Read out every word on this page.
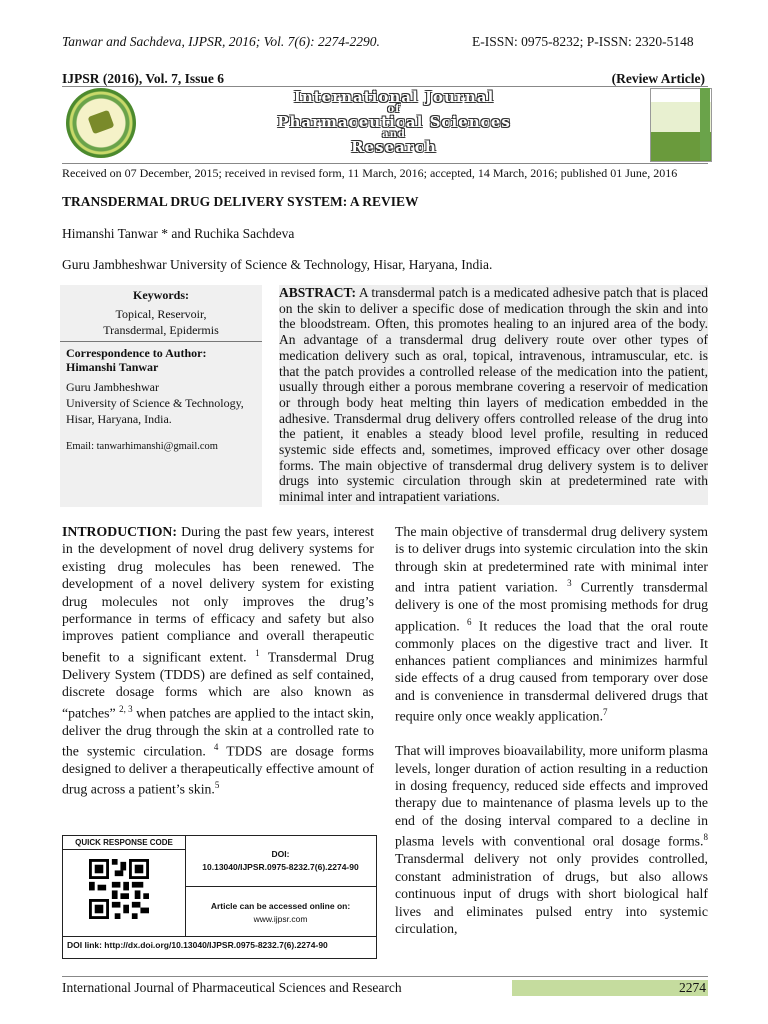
Tanwar and Sachdeva, IJPSR, 2016; Vol. 7(6): 2274-2290.	E-ISSN: 0975-8232; P-ISSN: 2320-5148
IJPSR (2016), Vol. 7, Issue 6	(Review Article)
International Journal
of
Pharmaceutical Sciences
and
Research
Received on 07 December, 2015; received in revised form, 11 March, 2016; accepted, 14 March, 2016; published 01 June, 2016
TRANSDERMAL DRUG DELIVERY SYSTEM: A REVIEW
Himanshi Tanwar * and Ruchika Sachdeva
Guru Jambheshwar University of Science & Technology, Hisar, Haryana, India.
Keywords:
Topical, Reservoir,
Transdermal, Epidermis
Correspondence to Author:
Himanshi Tanwar
Guru Jambheshwar
University of Science & Technology,
Hisar, Haryana, India.
Email: tanwarhimanshi@gmail.com
ABSTRACT: A transdermal patch is a medicated adhesive patch that is placed on the skin to deliver a specific dose of medication through the skin and into the bloodstream. Often, this promotes healing to an injured area of the body. An advantage of a transdermal drug delivery route over other types of medication delivery such as oral, topical, intravenous, intramuscular, etc. is that the patch provides a controlled release of the medication into the patient, usually through either a porous membrane covering a reservoir of medication or through body heat melting thin layers of medication embedded in the adhesive. Transdermal drug delivery offers controlled release of the drug into the patient, it enables a steady blood level profile, resulting in reduced systemic side effects and, sometimes, improved efficacy over other dosage forms. The main objective of transdermal drug delivery system is to deliver drugs into systemic circulation through skin at predetermined rate with minimal inter and intrapatient variations.
INTRODUCTION: During the past few years, interest in the development of novel drug delivery systems for existing drug molecules has been renewed. The development of a novel delivery system for existing drug molecules not only improves the drug’s performance in terms of efficacy and safety but also improves patient compliance and overall therapeutic benefit to a significant extent. $^1$ Transdermal Drug Delivery System (TDDS) are defined as self contained, discrete dosage forms which are also known as “patches” $^{2, 3}$ when patches are applied to the intact skin, deliver the drug through the skin at a controlled rate to the systemic circulation. $^4$ TDDS are dosage forms designed to deliver a therapeutically effective amount of drug across a patient’s skin.$^5$
The main objective of transdermal drug delivery system is to deliver drugs into systemic circulation into the skin through skin at predetermined rate with minimal inter and intra patient variation. $^3$ Currently transdermal delivery is one of the most promising methods for drug application. $^6$ It reduces the load that the oral route commonly places on the digestive tract and liver. It enhances patient compliances and minimizes harmful side effects of a drug caused from temporary over dose and is convenience in transdermal delivered drugs that require only once weakly application.$^7$
That will improves bioavailability, more uniform plasma levels, longer duration of action resulting in a reduction in dosing frequency, reduced side effects and improved therapy due to maintenance of plasma levels up to the end of the dosing interval compared to a decline in plasma levels with conventional oral dosage forms.$^8$ Transdermal delivery not only provides controlled, constant administration of drugs, but also allows continuous input of drugs with short biological half lives and eliminates pulsed entry into systemic circulation,
QUICK RESPONSE CODE
DOI:
10.13040/IJPSR.0975-8232.7(6).2274-90
Article can be accessed online on:
www.ijpsr.com
DOI link: http://dx.doi.org/10.13040/IJPSR.0975-8232.7(6).2274-90
International Journal of Pharmaceutical Sciences and Research	2274
